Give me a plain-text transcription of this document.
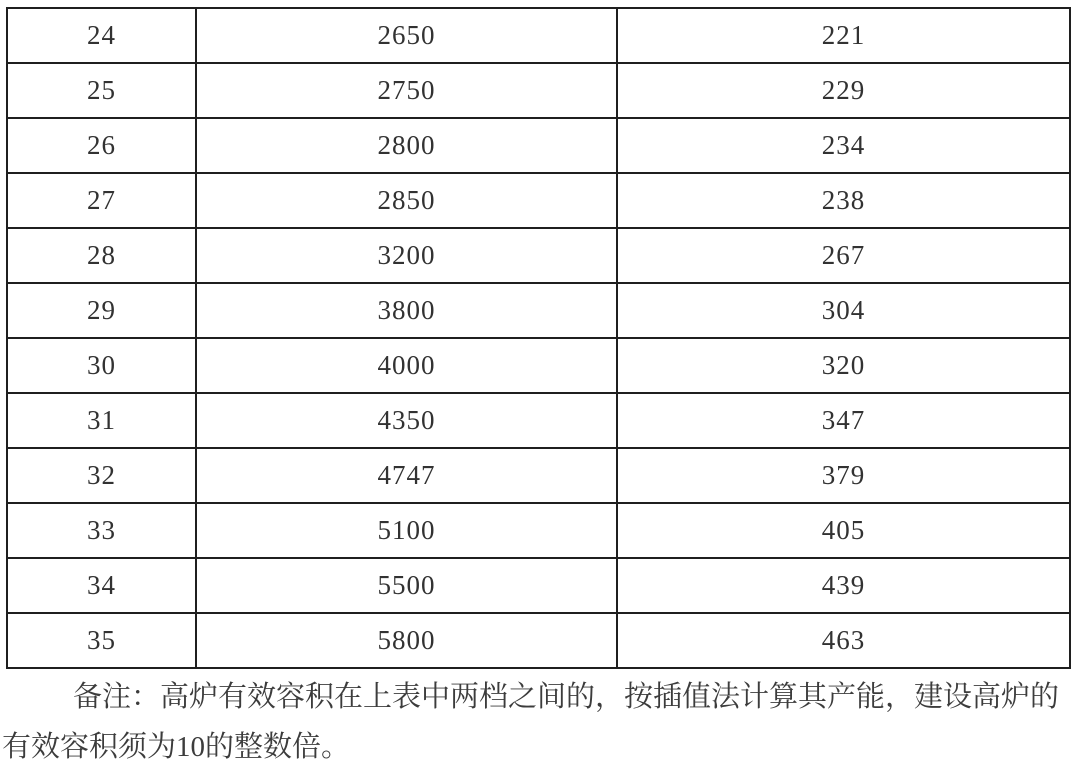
24	2650	221
25	2750	229
26	2800	234
27	2850	238
28	3200	267
29	3800	304
30	4000	320
31	4350	347
32	4747	379
33	5100	405
34	5500	439
35	5800	463
备注：高炉有效容积在上表中两档之间的，按插值法计算其产能，建设高炉的
有效容积须为10的整数倍。
